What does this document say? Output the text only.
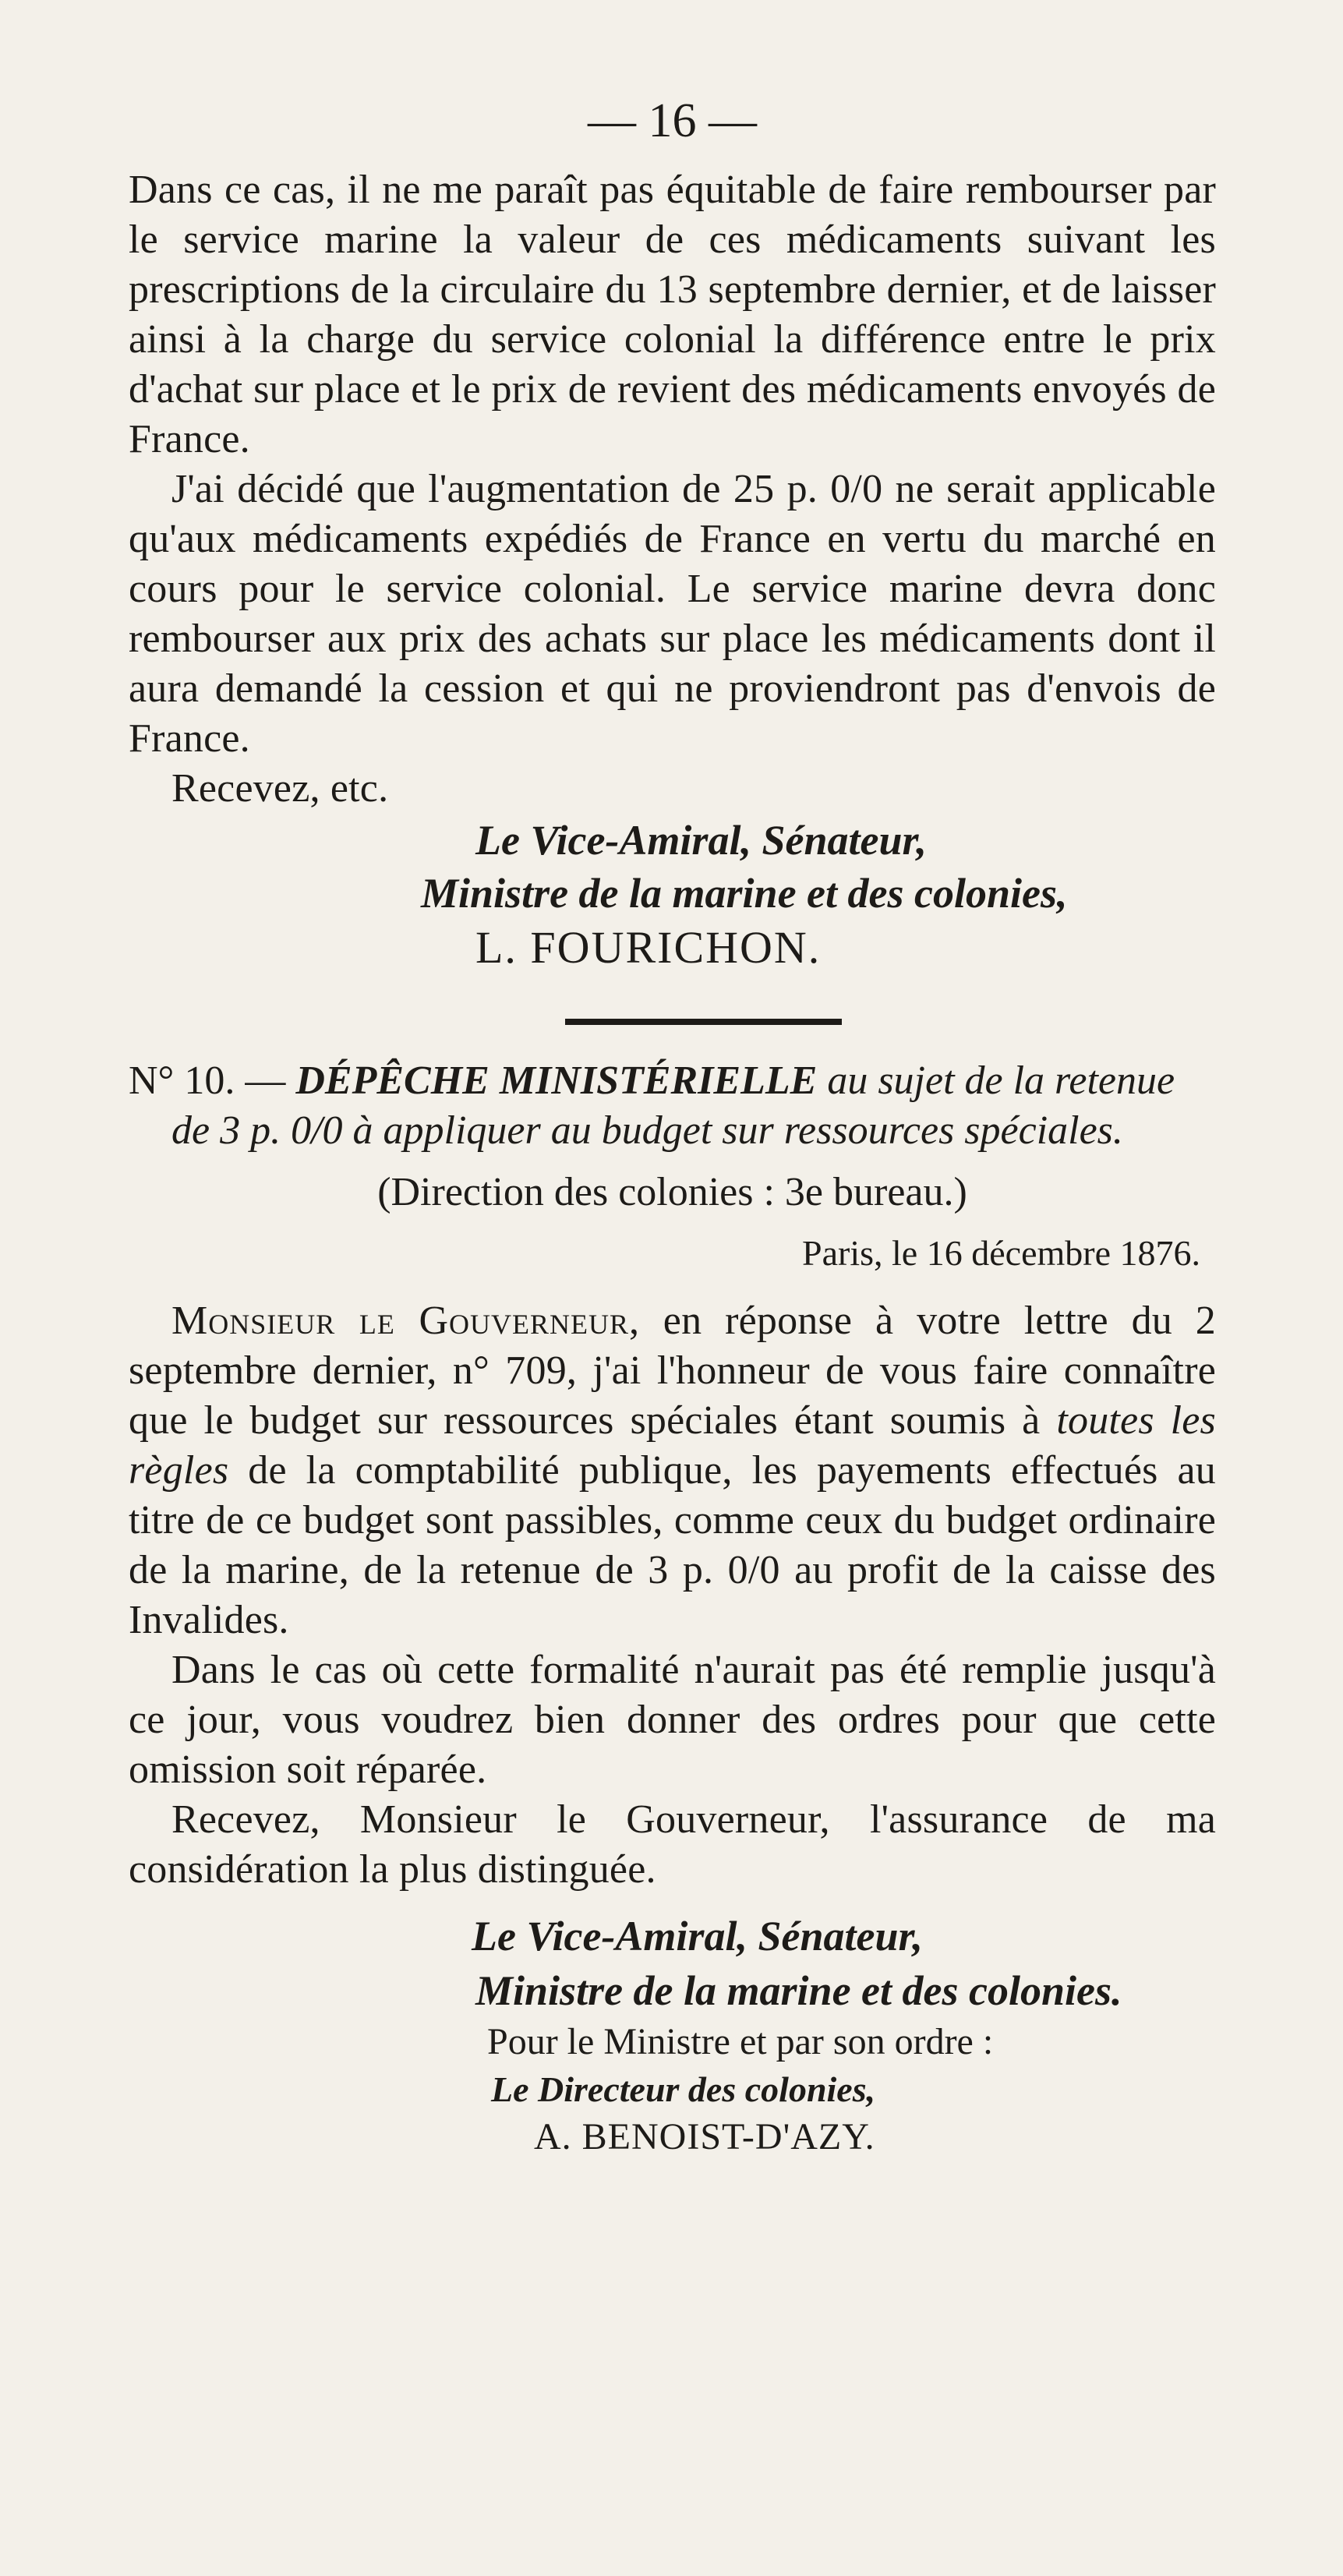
— 16 —

Dans ce cas, il ne me paraît pas équitable de faire rembourser par le service marine la valeur de ces médicaments suivant les prescriptions de la circulaire du 13 septembre dernier, et de laisser ainsi à la charge du service colonial la différence entre le prix d'achat sur place et le prix de revient des médicaments envoyés de France.

J'ai décidé que l'augmentation de 25 p. 0/0 ne serait applicable qu'aux médicaments expédiés de France en vertu du marché en cours pour le service colonial. Le service marine devra donc rembourser aux prix des achats sur place les médicaments dont il aura demandé la cession et qui ne proviendront pas d'envois de France.

Recevez, etc.

Le Vice-Amiral, Sénateur,
Ministre de la marine et des colonies,
L. FOURICHON.
N° 10. — DÉPÊCHE MINISTÉRIELLE au sujet de la retenue
de 3 p. 0/0 à appliquer au budget sur ressources spéciales.
(Direction des colonies : 3e bureau.)
Paris, le 16 décembre 1876.

Monsieur le Gouverneur, en réponse à votre lettre du 2 septembre dernier, n° 709, j'ai l'honneur de vous faire connaître que le budget sur ressources spéciales étant soumis à toutes les règles de la comptabilité publique, les payements effectués au titre de ce budget sont passibles, comme ceux du budget ordinaire de la marine, de la retenue de 3 p. 0/0 au profit de la caisse des Invalides.

Dans le cas où cette formalité n'aurait pas été remplie jusqu'à ce jour, vous voudrez bien donner des ordres pour que cette omission soit réparée.

Recevez, Monsieur le Gouverneur, l'assurance de ma considération la plus distinguée.

Le Vice-Amiral, Sénateur,
Ministre de la marine et des colonies.
Pour le Ministre et par son ordre :
Le Directeur des colonies,
A. BENOIST-D'AZY.
